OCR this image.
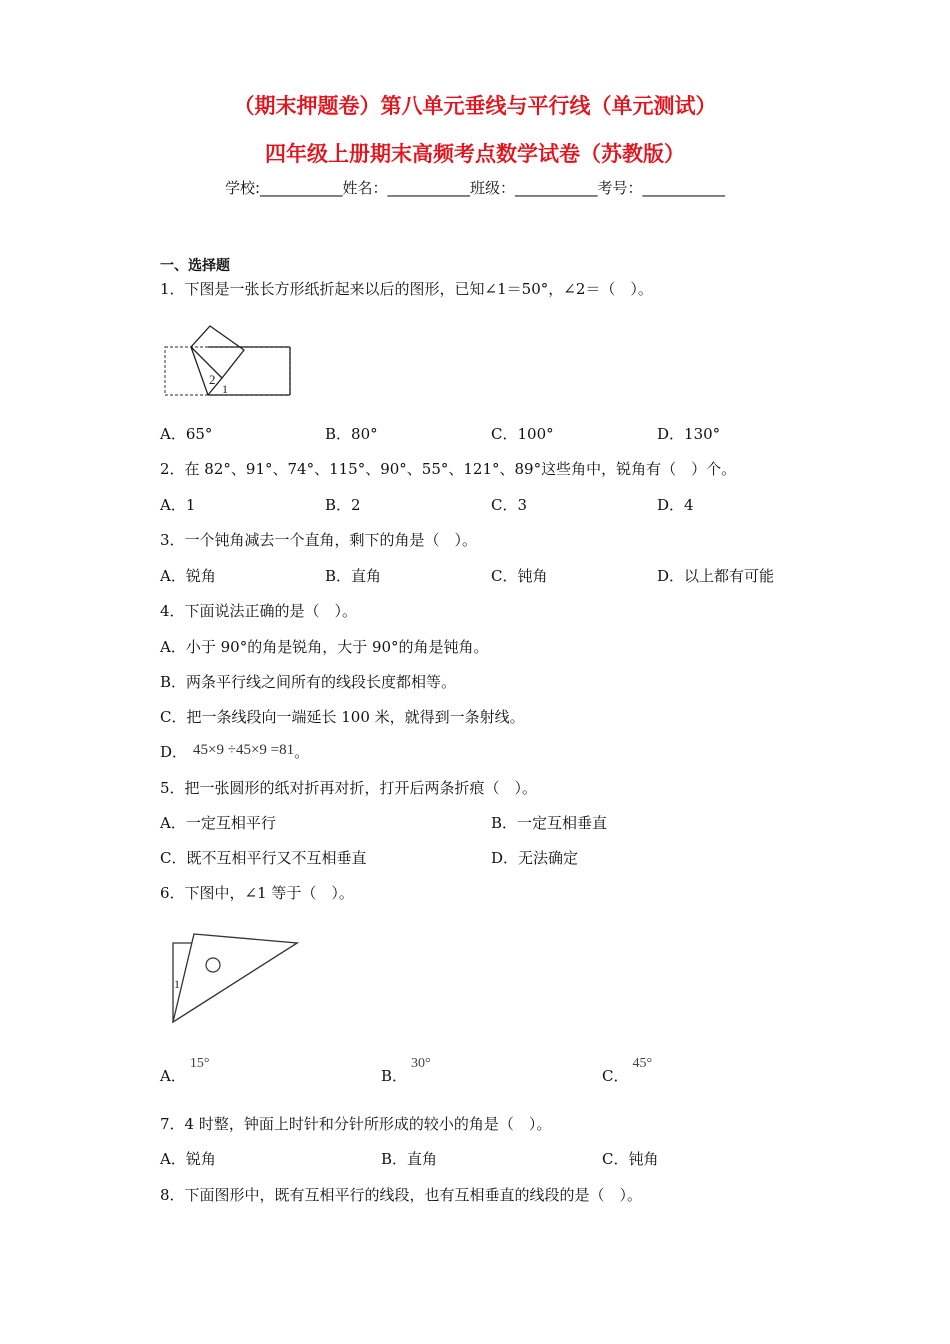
（期末押题卷）第八单元垂线与平行线（单元测试）
四年级上册期末高频考点数学试卷（苏教版）
学校:___________姓名：___________班级：___________考号：___________
一、选择题
1．下图是一张长方形纸折起来以后的图形，已知∠1＝50°，∠2＝（　）。
2
1
A．65°	B．80°	C．100°	D．130°
2．在 82°、91°、74°、115°、90°、55°、121°、89°这些角中，锐角有（　）个。
A．1	B．2	C．3	D．4
3．一个钝角减去一个直角，剩下的角是（　）。
A．锐角	B．直角	C．钝角	D．以上都有可能
4．下面说法正确的是（　）。
A．小于 90°的角是锐角，大于 90°的角是钝角。
B．两条平行线之间所有的线段长度都相等。
C．把一条线段向一端延长 100 米，就得到一条射线。
D． 45×9 ÷45×9 =81。
5．把一张圆形的纸对折再对折，打开后两条折痕（　）。
A．一定互相平行	B．一定互相垂直
C．既不互相平行又不互相垂直	D．无法确定
6．下图中，∠1 等于（　）。
1
A．15°
B．30°
C．45°
7．4 时整，钟面上时针和分针所形成的较小的角是（　）。
A．锐角	B．直角	C．钝角
8．下面图形中，既有互相平行的线段，也有互相垂直的线段的是（　）。
